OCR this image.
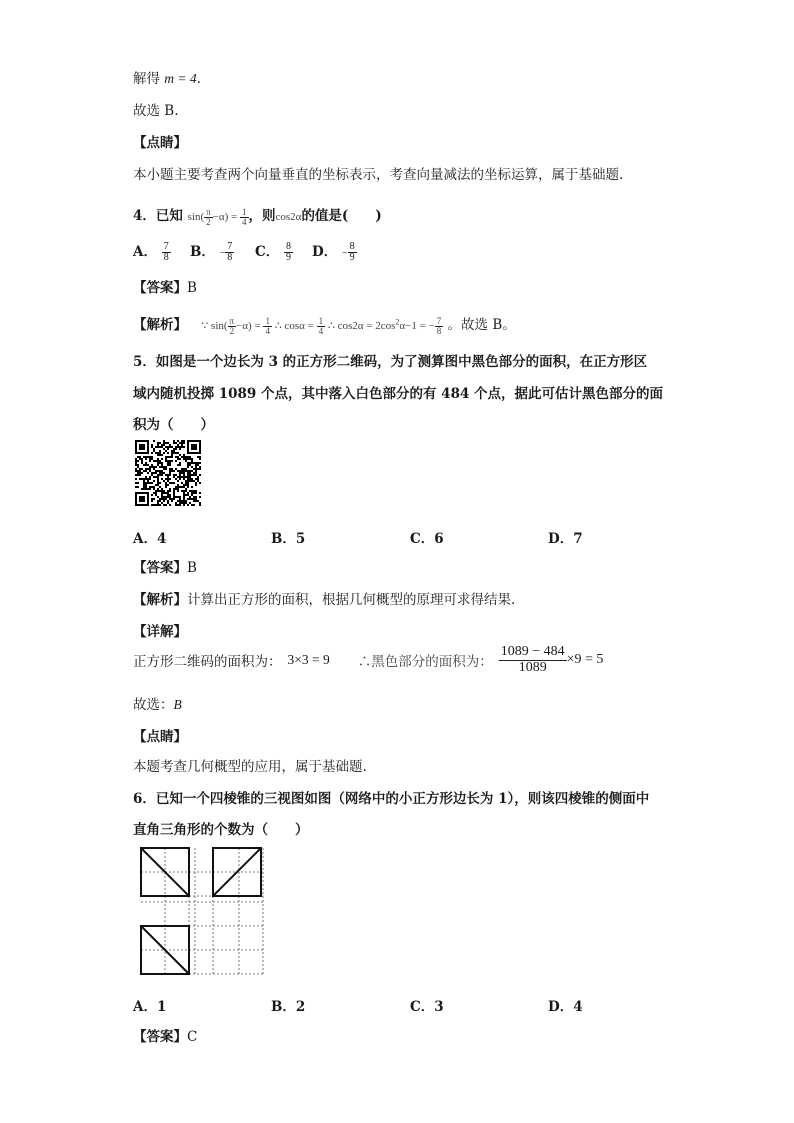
解得 m = 4.
故选 B.
【点睛】
本小题主要考查两个向量垂直的坐标表示，考查向量减法的坐标运算，属于基础题.
4．已知 $\sin( \frac{\pi}{2} -\alpha) = \frac{1}{4}$ ，则cos2α的值是(　　)
A． $\frac{7}{8}$ B． − $\frac{7}{8}$ C． $\frac{8}{9}$ D． − $\frac{8}{9}$
【答案】B
【解析】 ∵ $\sin( \frac{\pi}{2} -\alpha) = \frac{1}{4}$ ∴ $\cos\alpha = \frac{1}{4}$ ∴ $\cos 2\alpha = 2\cos^2\alpha-1$ = − $\frac{7}{8}$ 。故选 B。
5．如图是一个边长为 3 的正方形二维码，为了测算图中黑色部分的面积，在正方形区
域内随机投掷 1089 个点，其中落入白色部分的有 484 个点，据此可估计黑色部分的面
积为（　　）
A．4	B．5	C．6	D．7
【答案】B
【解析】计算出正方形的面积，根据几何概型的原理可求得结果.
【详解】
正方形二维码的面积为： 3×3 = 9 ∴黑色部分的面积为： $\frac{1089 - 484}{1089} \times 9 = 5$
故选：B
【点睛】
本题考查几何概型的应用，属于基础题.
6．已知一个四棱锥的三视图如图（网络中的小正方形边长为 1），则该四棱锥的侧面中
直角三角形的个数为（　　）
A．1	B．2	C．3	D．4
【答案】C
